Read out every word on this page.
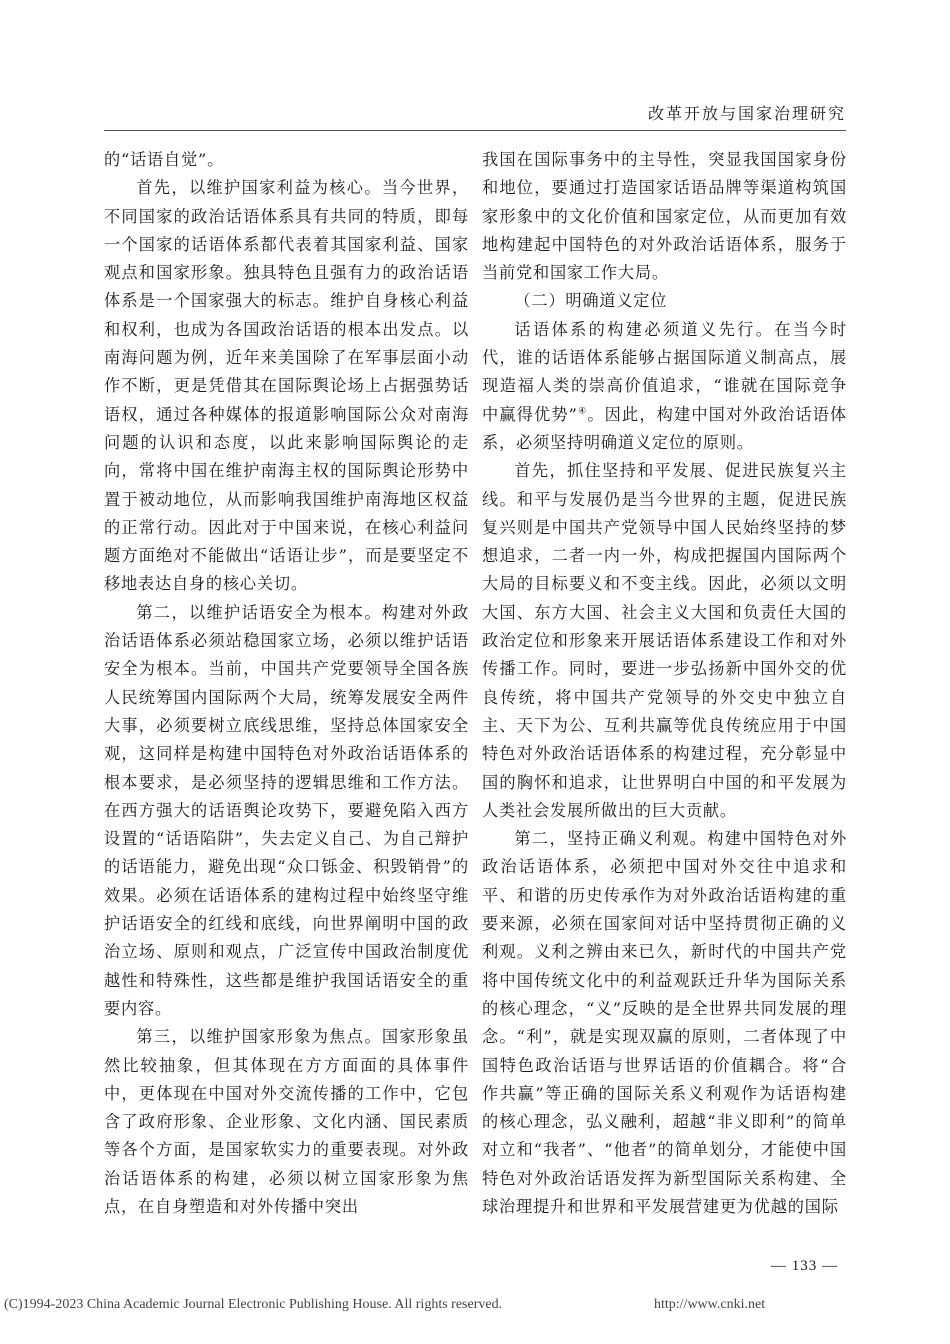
改革开放与国家治理研究

的“话语自觉”。

首先，以维护国家利益为核心。当今世界，不同国家的政治话语体系具有共同的特质，即每一个国家的话语体系都代表着其国家利益、国家观点和国家形象。独具特色且强有力的政治话语体系是一个国家强大的标志。维护自身核心利益和权利，也成为各国政治话语的根本出发点。以南海问题为例，近年来美国除了在军事层面小动作不断，更是凭借其在国际舆论场上占据强势话语权，通过各种媒体的报道影响国际公众对南海问题的认识和态度，以此来影响国际舆论的走向，常将中国在维护南海主权的国际舆论形势中置于被动地位，从而影响我国维护南海地区权益的正常行动。因此对于中国来说，在核心利益问题方面绝对不能做出“话语让步”，而是要坚定不移地表达自身的核心关切。

第二，以维护话语安全为根本。构建对外政治话语体系必须站稳国家立场，必须以维护话语安全为根本。当前，中国共产党要领导全国各族人民统筹国内国际两个大局，统筹发展安全两件大事，必须要树立底线思维，坚持总体国家安全观，这同样是构建中国特色对外政治话语体系的根本要求，是必须坚持的逻辑思维和工作方法。在西方强大的话语舆论攻势下，要避免陷入西方设置的“话语陷阱”，失去定义自己、为自己辩护的话语能力，避免出现“众口铄金、积毁销骨”的效果。必须在话语体系的建构过程中始终坚守维护话语安全的红线和底线，向世界阐明中国的政治立场、原则和观点，广泛宣传中国政治制度优越性和特殊性，这些都是维护我国话语安全的重要内容。

第三，以维护国家形象为焦点。国家形象虽然比较抽象，但其体现在方方面面的具体事件中，更体现在中国对外交流传播的工作中，它包含了政府形象、企业形象、文化内涵、国民素质等各个方面，是国家软实力的重要表现。对外政治话语体系的构建，必须以树立国家形象为焦点，在自身塑造和对外传播中突出

我国在国际事务中的主导性，突显我国国家身份和地位，要通过打造国家话语品牌等渠道构筑国家形象中的文化价值和国家定位，从而更加有效地构建起中国特色的对外政治话语体系，服务于当前党和国家工作大局。

（二）明确道义定位

话语体系的构建必须道义先行。在当今时代，谁的话语体系能够占据国际道义制高点，展现造福人类的崇高价值追求，“谁就在国际竞争中赢得优势”④。因此，构建中国对外政治话语体系，必须坚持明确道义定位的原则。

首先，抓住坚持和平发展、促进民族复兴主线。和平与发展仍是当今世界的主题，促进民族复兴则是中国共产党领导中国人民始终坚持的梦想追求，二者一内一外，构成把握国内国际两个大局的目标要义和不变主线。因此，必须以文明大国、东方大国、社会主义大国和负责任大国的政治定位和形象来开展话语体系建设工作和对外传播工作。同时，要进一步弘扬新中国外交的优良传统，将中国共产党领导的外交史中独立自主、天下为公、互利共赢等优良传统应用于中国特色对外政治话语体系的构建过程，充分彰显中国的胸怀和追求，让世界明白中国的和平发展为人类社会发展所做出的巨大贡献。

第二，坚持正确义利观。构建中国特色对外政治话语体系，必须把中国对外交往中追求和平、和谐的历史传承作为对外政治话语构建的重要来源，必须在国家间对话中坚持贯彻正确的义利观。义利之辨由来已久，新时代的中国共产党将中国传统文化中的利益观跃迁升华为国际关系的核心理念，“义”反映的是全世界共同发展的理念。“利”，就是实现双赢的原则，二者体现了中国特色政治话语与世界话语的价值耦合。将“合作共赢”等正确的国际关系义利观作为话语构建的核心理念，弘义融利，超越“非义即利”的简单对立和“我者”、“他者”的简单划分，才能使中国特色对外政治话语发挥为新型国际关系构建、全球治理提升和世界和平发展营建更为优越的国际

— 133 —
(C)1994-2023 China Academic Journal Electronic Publishing House. All rights reserved.	http://www.cnki.net
